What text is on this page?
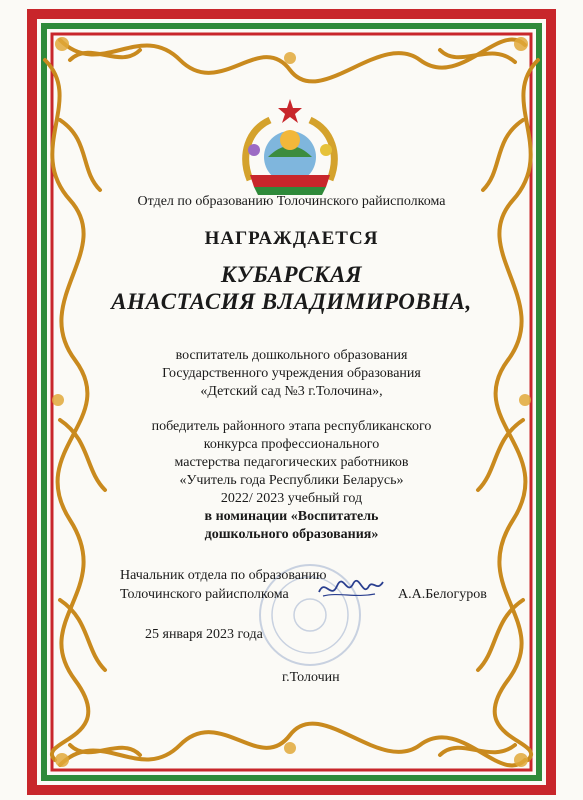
Отдел по образованию Толочинского райисполкома
НАГРАЖДАЕТСЯ
КУБАРСКАЯ
АНАСТАСИЯ ВЛАДИМИРОВНА,
воспитатель дошкольного образования
Государственного учреждения образования
«Детский сад №3 г.Толочина»,
победитель районного этапа республиканского
конкурса профессионального
мастерства педагогических работников
«Учитель года Республики Беларусь»
2022/ 2023 учебный год
в номинации «Воспитатель
дошкольного образования»
Начальник отдела по образованию
Толочинского райисполкома	А.А.Белогуров
25 января 2023 года
г.Толочин
